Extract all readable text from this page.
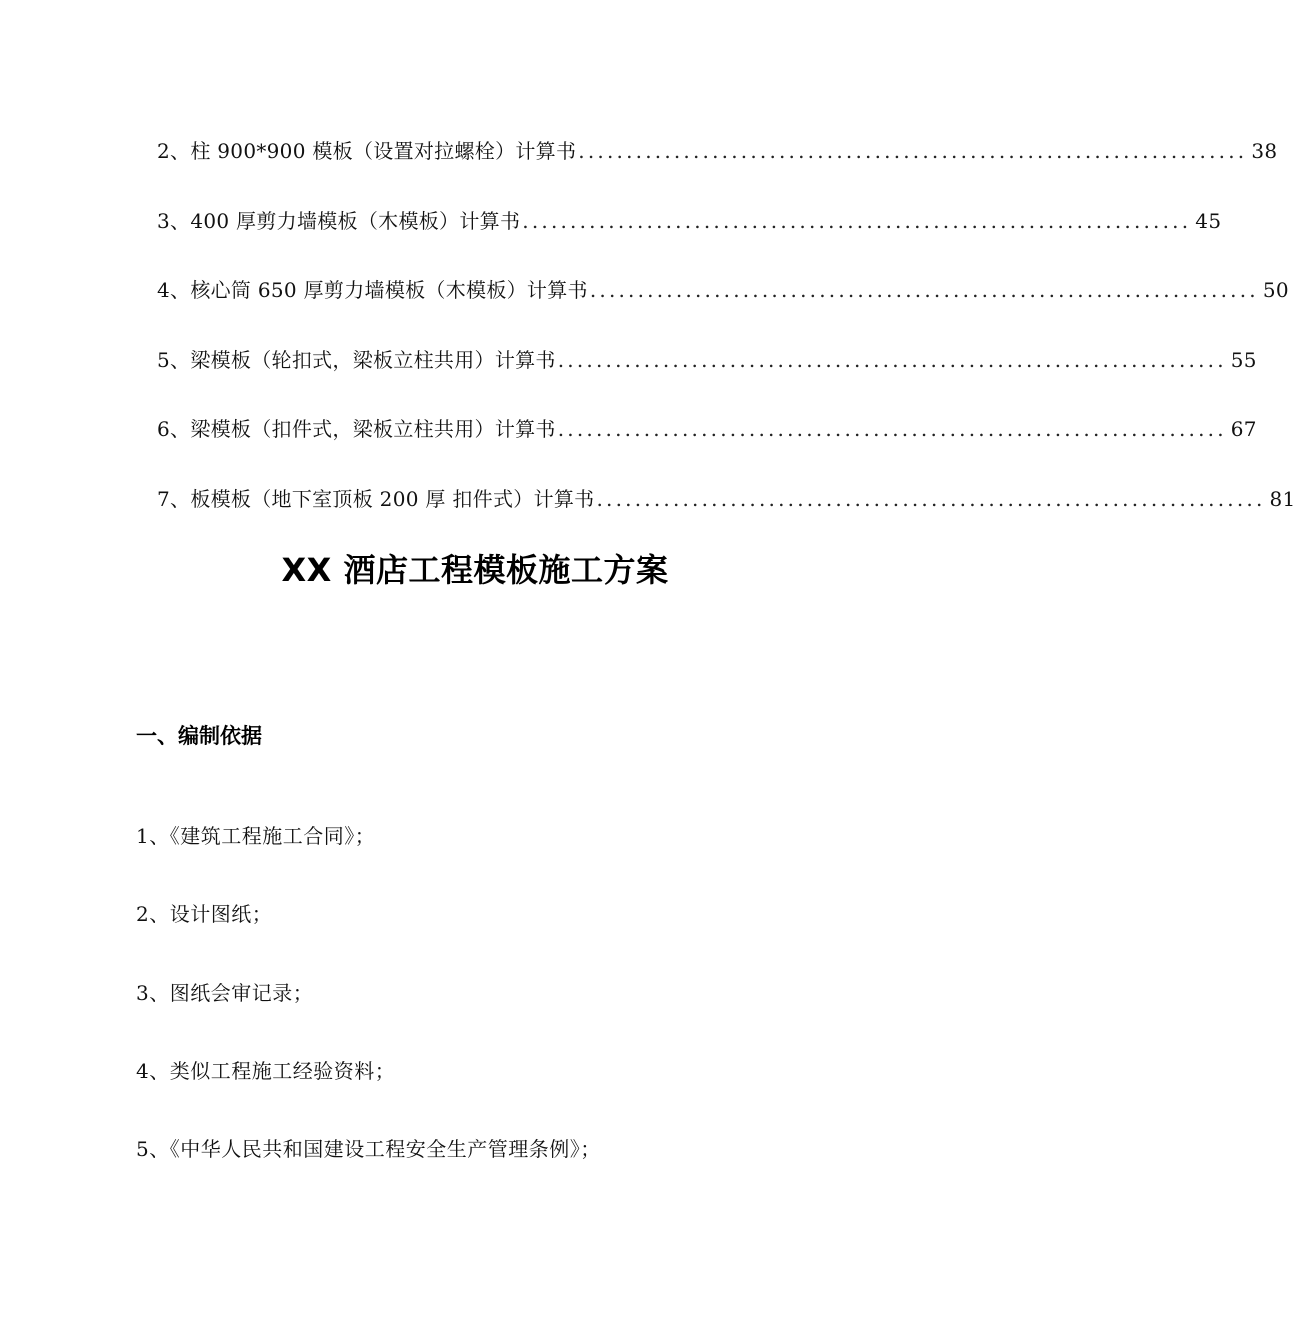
2、柱 900*900 模板（设置对拉螺栓）计算书 ...................................................................... 38
3、400 厚剪力墙模板（木模板）计算书 ...................................................................... 45
4、核心筒 650 厚剪力墙模板（木模板）计算书 ...................................................................... 50
5、梁模板（轮扣式，梁板立柱共用）计算书 ...................................................................... 55
6、梁模板（扣件式，梁板立柱共用）计算书 ...................................................................... 67
7、板模板（地下室顶板 200 厚 扣件式）计算书 ...................................................................... 81
XX 酒店工程模板施工方案
一、编制依据
1、《建筑工程施工合同》；
2、设计图纸；
3、图纸会审记录；
4、类似工程施工经验资料；
5、《中华人民共和国建设工程安全生产管理条例》；
